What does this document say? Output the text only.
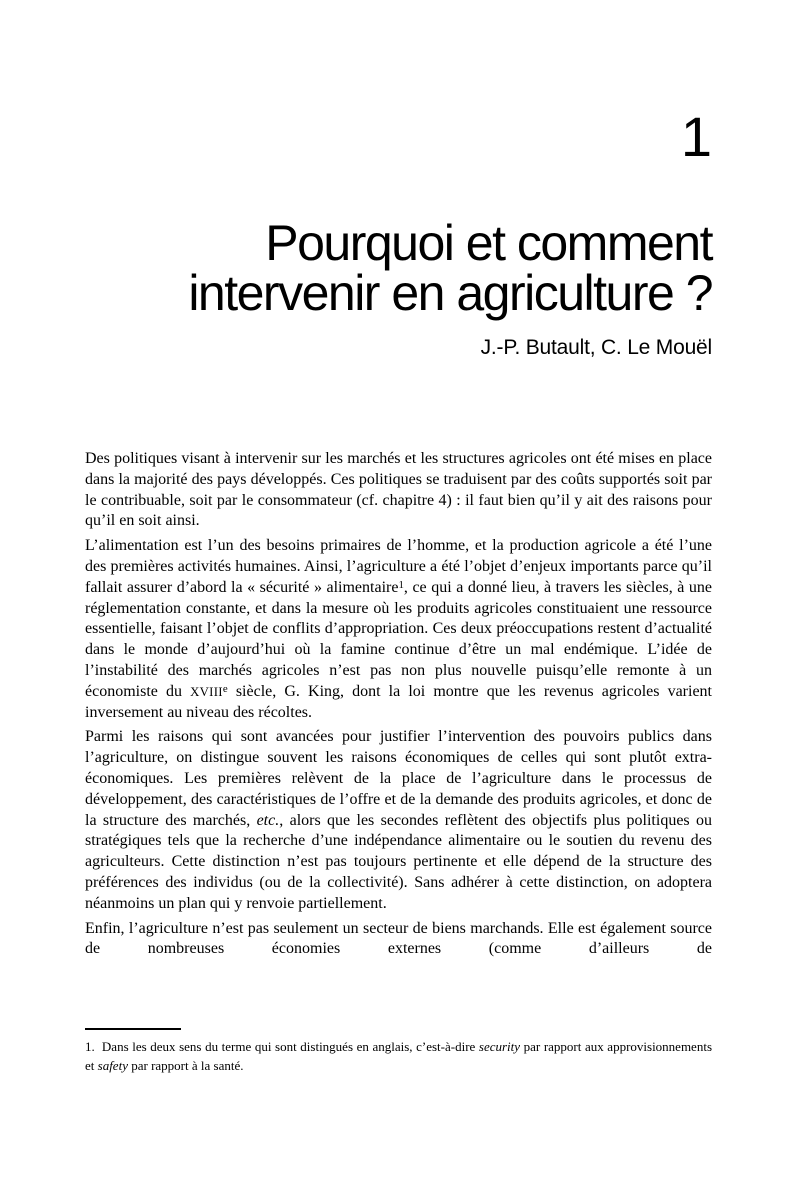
1
Pourquoi et comment
intervenir en agriculture ?
J.-P. Butault, C. Le Mouël

Des politiques visant à intervenir sur les marchés et les structures agricoles ont été mises en place dans la majorité des pays développés. Ces politiques se traduisent par des coûts supportés soit par le contribuable, soit par le consommateur (cf. chapitre 4) : il faut bien qu’il y ait des raisons pour qu’il en soit ainsi.

L’alimentation est l’un des besoins primaires de l’homme, et la production agricole a été l’une des premières activités humaines. Ainsi, l’agriculture a été l’objet d’enjeux importants parce qu’il fallait assurer d’abord la « sécurité » alimentaire$^1$, ce qui a donné lieu, à travers les siècles, à une réglementation constante, et dans la mesure où les produits agricoles constituaient une ressource essentielle, faisant l’objet de conflits d’appropriation. Ces deux préoccupations restent d’actualité dans le monde d’aujourd’hui où la famine continue d’être un mal endémique. L’idée de l’instabilité des marchés agricoles n’est pas non plus nouvelle puisqu’elle remonte à un économiste du XVIIIe siècle, G. King, dont la loi montre que les revenus agricoles varient inversement au niveau des récoltes.

Parmi les raisons qui sont avancées pour justifier l’intervention des pouvoirs publics dans l’agriculture, on distingue souvent les raisons économiques de celles qui sont plutôt extra-économiques. Les premières relèvent de la place de l’agriculture dans le processus de développement, des caractéristiques de l’offre et de la demande des produits agricoles, et donc de la structure des marchés, etc., alors que les secondes reflètent des objectifs plus politiques ou stratégiques tels que la recherche d’une indépendance alimentaire ou le soutien du revenu des agriculteurs. Cette distinction n’est pas toujours pertinente et elle dépend de la structure des préférences des individus (ou de la collectivité). Sans adhérer à cette distinction, on adoptera néanmoins un plan qui y renvoie partiellement.

Enfin, l’agriculture n’est pas seulement un secteur de biens marchands. Elle est également source de nombreuses économies externes (comme d’ailleurs de

1.  Dans les deux sens du terme qui sont distingués en anglais, c’est-à-dire security par rapport aux approvisionnements et safety par rapport à la santé.
